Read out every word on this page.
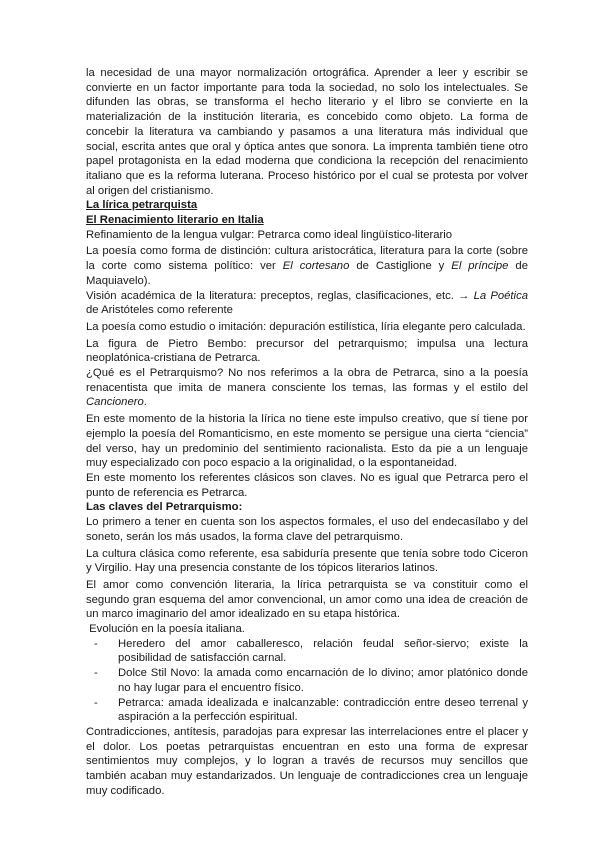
la necesidad de una mayor normalización ortográfica. Aprender a leer y escribir se convierte en un factor importante para toda la sociedad, no solo los intelectuales. Se difunden las obras, se transforma el hecho literario y el libro se convierte en la materialización de la institución literaria, es concebido como objeto. La forma de concebir la literatura va cambiando y pasamos a una literatura más individual que social, escrita antes que oral y óptica antes que sonora. La imprenta también tiene otro papel protagonista en la edad moderna que condiciona la recepción del renacimiento italiano que es la reforma luterana. Proceso histórico por el cual se protesta por volver al origen del cristianismo.

La lírica petrarquista

El Renacimiento literario en Italia

Refinamiento de la lengua vulgar: Petrarca como ideal lingüístico-literario

La poesía como forma de distinción: cultura aristocrática, literatura para la corte (sobre la corte como sistema político: ver El cortesano de Castiglione y El príncipe de Maquiavelo).

Visión académica de la literatura: preceptos, reglas, clasificaciones, etc. → La Poética de Aristóteles como referente

La poesía como estudio o imitación: depuración estilística, líria elegante pero calculada.

La figura de Pietro Bembo: precursor del petrarquismo; impulsa una lectura neoplatónica-cristiana de Petrarca.

¿Qué es el Petrarquismo? No nos referimos a la obra de Petrarca, sino a la poesía renacentista que imita de manera consciente los temas, las formas y el estilo del Cancionero.

En este momento de la historia la lírica no tiene este impulso creativo, que sí tiene por ejemplo la poesía del Romanticismo, en este momento se persigue una cierta “ciencia” del verso, hay un predominio del sentimiento racionalista. Esto da pie a un lenguaje muy especializado con poco espacio a la originalidad, o la espontaneidad.

En este momento los referentes clásicos son claves. No es igual que Petrarca pero el punto de referencia es Petrarca.

Las claves del Petrarquismo:

Lo primero a tener en cuenta son los aspectos formales, el uso del endecasílabo y del soneto, serán los más usados, la forma clave del petrarquismo.

La cultura clásica como referente, esa sabiduría presente que tenía sobre todo Ciceron y Virgilio. Hay una presencia constante de los tópicos literarios latinos.

El amor como convención literaria, la lírica petrarquista se va constituir como el segundo gran esquema del amor convencional, un amor como una idea de creación de un marco imaginario del amor idealizado en su etapa histórica.

Evolución en la poesía italiana.

- Heredero del amor caballeresco, relación feudal señor-siervo; existe la posibilidad de satisfacción carnal.
- Dolce Stil Novo: la amada como encarnación de lo divino; amor platónico donde no hay lugar para el encuentro físico.
- Petrarca: amada idealizada e inalcanzable: contradicción entre deseo terrenal y aspiración a la perfección espiritual.

Contradicciones, antítesis, paradojas para expresar las interrelaciones entre el placer y el dolor. Los poetas petrarquistas encuentran en esto una forma de expresar sentimientos muy complejos, y lo logran a través de recursos muy sencillos que también acaban muy estandarizados. Un lenguaje de contradicciones crea un lenguaje muy codificado.
